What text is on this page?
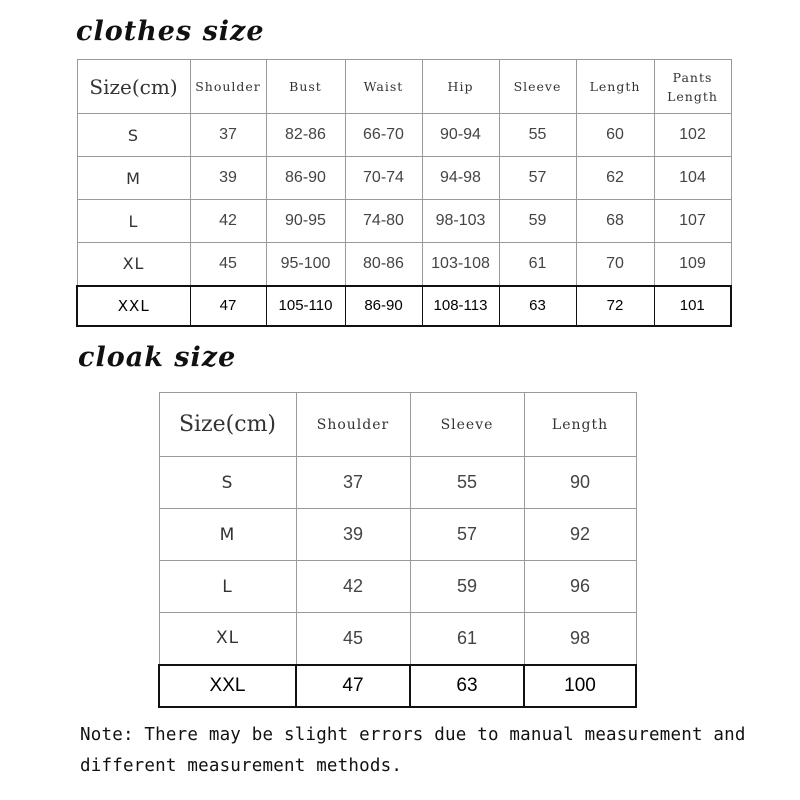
clothes size
Size(cm)	Shoulder	Bust	Waist	Hip	Sleeve	Length	Pants
Length
S	37	82-86	66-70	90-94	55	60	102
M	39	86-90	70-74	94-98	57	62	104
L	42	90-95	74-80	98-103	59	68	107
XL	45	95-100	80-86	103-108	61	70	109
XXL	47	105-110	86-90	108-113	63	72	101
cloak size
Size(cm)	Shoulder	Sleeve	Length
S	37	55	90
M	39	57	92
L	42	59	96
XL	45	61	98
XXL	47	63	100
Note: There may be slight errors due to manual measurement and
different measurement methods.
